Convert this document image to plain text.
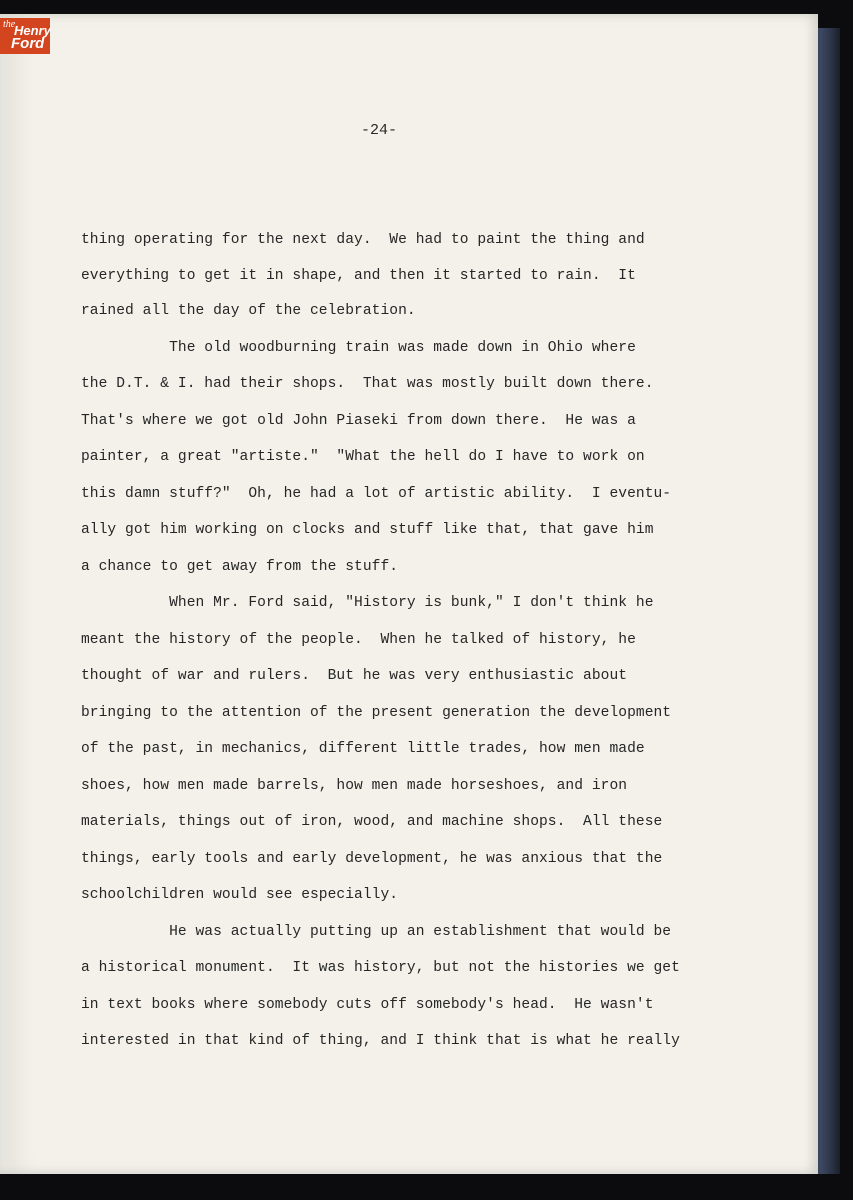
-24-
thing operating for the next day.  We had to paint the thing and
everything to get it in shape, and then it started to rain.  It
rained all the day of the celebration.
The old woodburning train was made down in Ohio where
the D.T. & I. had their shops.  That was mostly built down there.
That's where we got old John Piaseki from down there.  He was a
painter, a great "artiste."  "What the hell do I have to work on
this damn stuff?"  Oh, he had a lot of artistic ability.  I eventu-
ally got him working on clocks and stuff like that, that gave him
a chance to get away from the stuff.
When Mr. Ford said, "History is bunk," I don't think he
meant the history of the people.  When he talked of history, he
thought of war and rulers.  But he was very enthusiastic about
bringing to the attention of the present generation the development
of the past, in mechanics, different little trades, how men made
shoes, how men made barrels, how men made horseshoes, and iron
materials, things out of iron, wood, and machine shops.  All these
things, early tools and early development, he was anxious that the
schoolchildren would see especially.
He was actually putting up an establishment that would be
a historical monument.  It was history, but not the histories we get
in text books where somebody cuts off somebody's head.  He wasn't
interested in that kind of thing, and I think that is what he really
the
Henry
Ford
